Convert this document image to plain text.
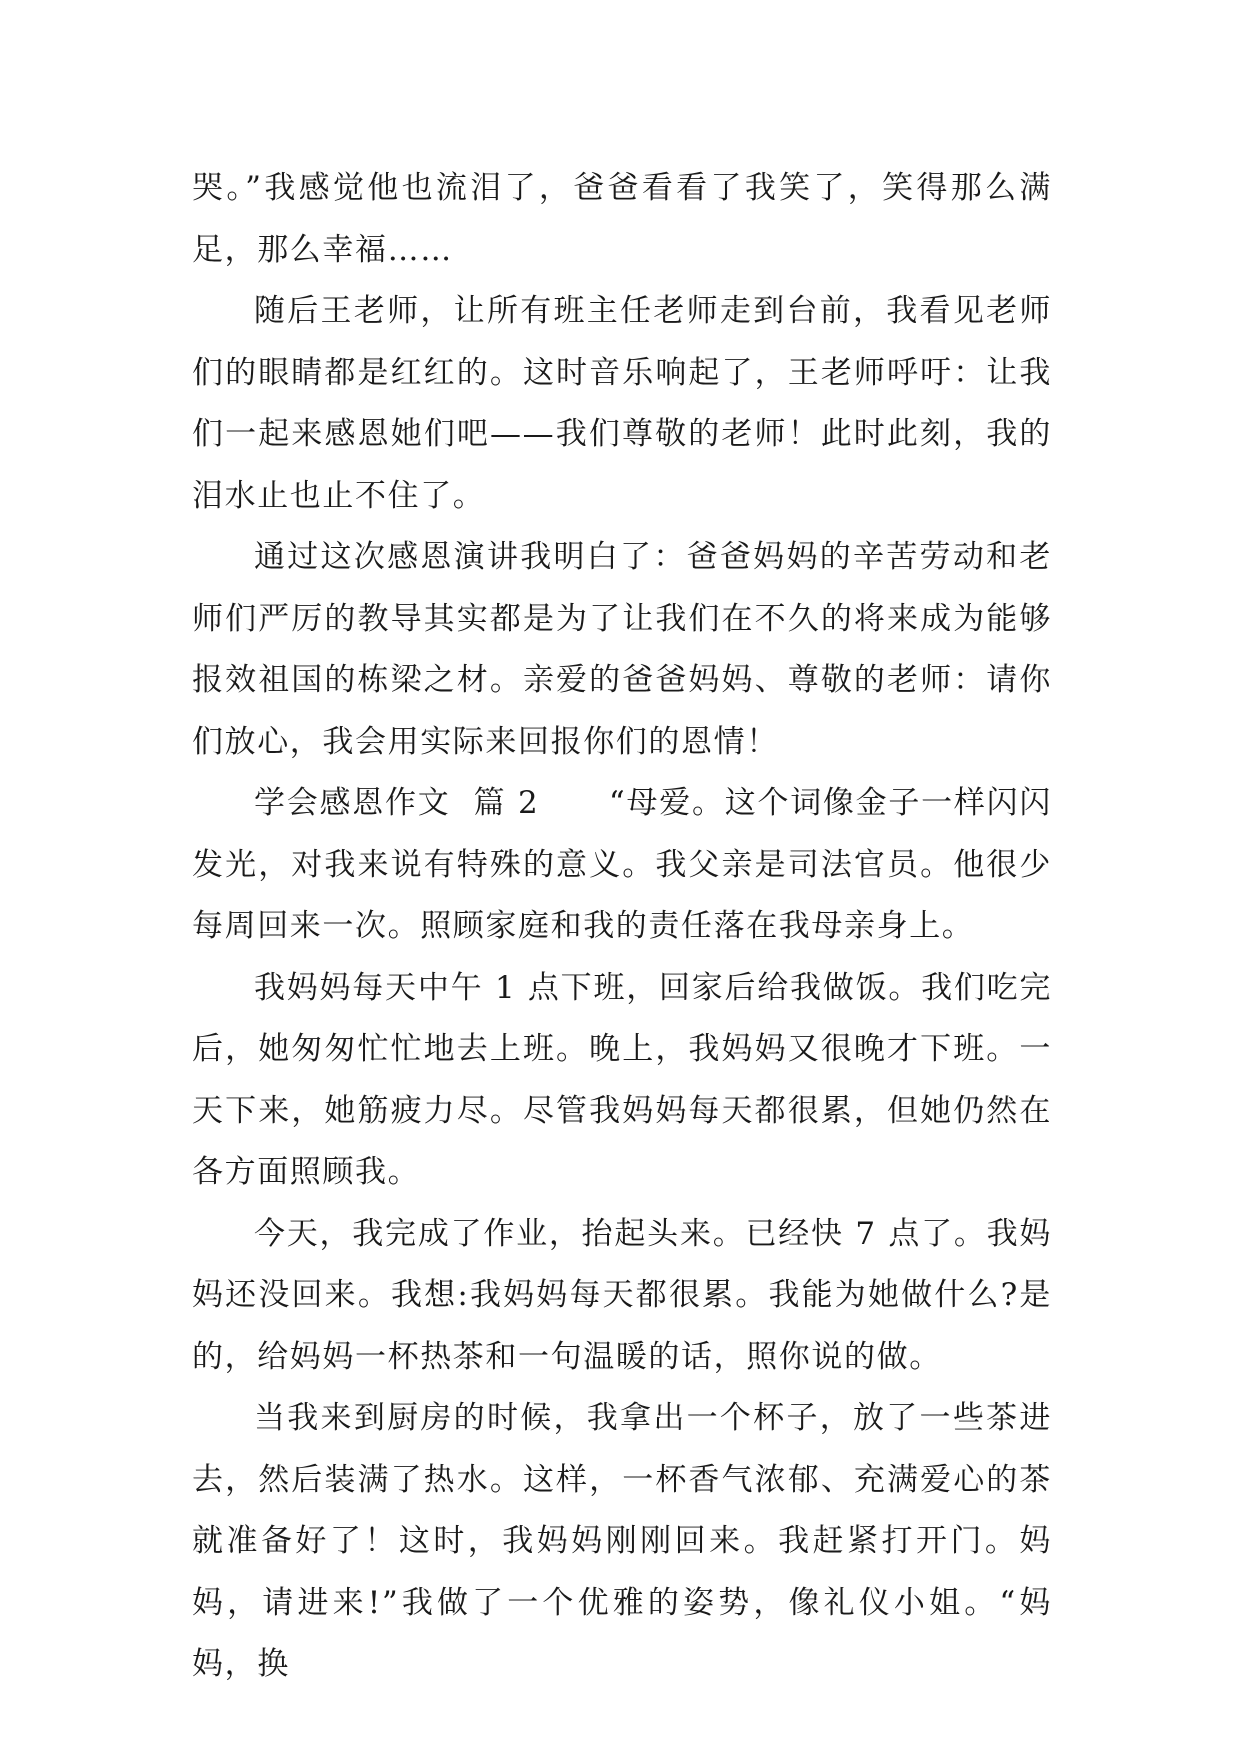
哭。”我感觉他也流泪了，爸爸看看了我笑了，笑得那么满足，那么幸福……

随后王老师，让所有班主任老师走到台前，我看见老师们的眼睛都是红红的。这时音乐响起了，王老师呼吁：让我们一起来感恩她们吧——我们尊敬的老师！此时此刻，我的泪水止也止不住了。

通过这次感恩演讲我明白了：爸爸妈妈的辛苦劳动和老师们严厉的教导其实都是为了让我们在不久的将来成为能够报效祖国的栋梁之材。亲爱的爸爸妈妈、尊敬的老师：请你们放心，我会用实际来回报你们的恩情！

学会感恩作文  篇 2 “母爱。这个词像金子一样闪闪发光，对我来说有特殊的意义。我父亲是司法官员。他很少每周回来一次。照顾家庭和我的责任落在我母亲身上。

我妈妈每天中午 1 点下班，回家后给我做饭。我们吃完后，她匆匆忙忙地去上班。晚上，我妈妈又很晚才下班。一天下来，她筋疲力尽。尽管我妈妈每天都很累，但她仍然在各方面照顾我。

今天，我完成了作业，抬起头来。已经快 7 点了。我妈妈还没回来。我想:我妈妈每天都很累。我能为她做什么?是的，给妈妈一杯热茶和一句温暖的话，照你说的做。

当我来到厨房的时候，我拿出一个杯子，放了一些茶进去，然后装满了热水。这样，一杯香气浓郁、充满爱心的茶就准备好了！这时，我妈妈刚刚回来。我赶紧打开门。妈妈，请进来!”我做了一个优雅的姿势，像礼仪小姐。“妈妈，换
